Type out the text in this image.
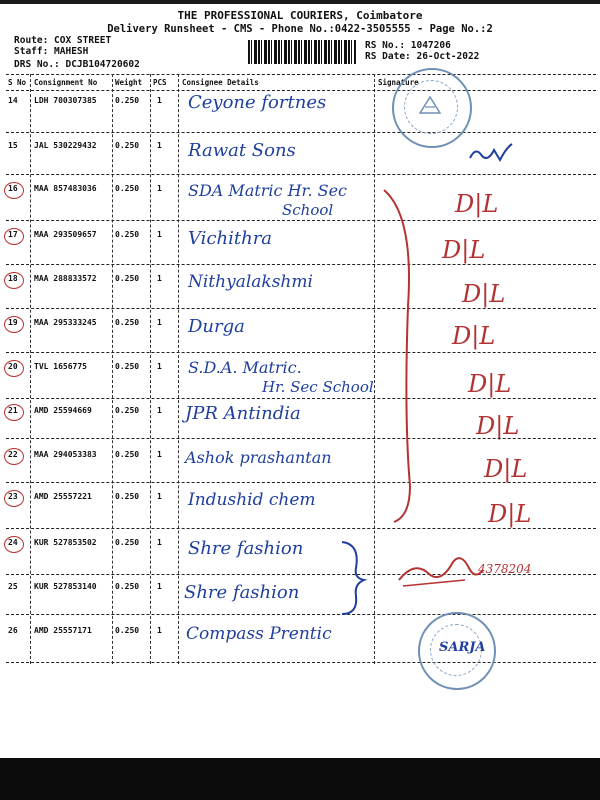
THE PROFESSIONAL COURIERS, Coimbatore
Delivery Runsheet - CMS - Phone No.:0422-3505555 - Page No.:2
Route: COX STREET
Staff: MAHESH
DRS No.: DCJB104720602
RS No.: 1047206
RS Date: 26-Oct-2022
S No Consignment No Weight PCS Consignee Details	Signature
14 LDH 700307385 0.250 1 Ceyone fortnes
15 JAL 530229432 0.250 1 Rawat Sons
16 MAA 857483036 0.250 1 SDA Matric Hr. Sec
School	D|L
17 MAA 293509657 0.250 1 Vichithra	D|L
18 MAA 288833572 0.250 1 Nithyalakshmi	D|L
19 MAA 295333245 0.250 1 Durga	D|L
20 TVL 1656775	0.250 1 S.D.A. Matric.
Hr. Sec School	D|L
21 AMD 25594669	0.250 1 JPR Antindia	D|L
22 MAA 294053383 0.250 1 Ashok prashantan	D|L
23 AMD 25557221	0.250 1 Indushid chem	D|L
24 KUR 527853502 0.250 1 Shre fashion
25 KUR 527853140 0.250 1 Shre fashion
26 AMD 25557171	0.250 1 Compass Prentic
4378204
SARJA
